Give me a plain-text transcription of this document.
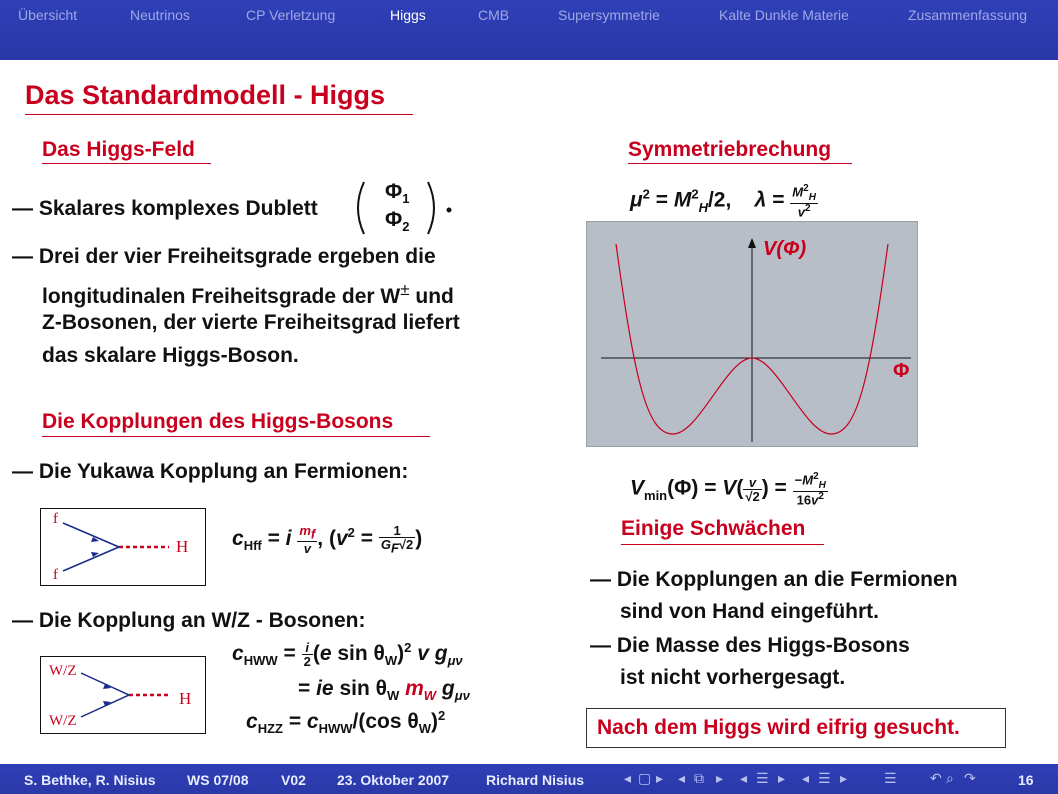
Übersicht	Neutrinos	CP Verletzung	Higgs	CMB	Supersymmetrie	Kalte Dunkle Materie	Zusammenfassung
Das Standardmodell - Higgs
Das Higgs-Feld
— Skalares komplexes Dublett
$\Phi_1$
$\Phi_2$
— Drei der vier Freiheitsgrade ergeben die
longitudinalen Freiheitsgrade der W± und
Z-Bosonen, der vierte Freiheitsgrad liefert
das skalare Higgs-Boson.
Die Kopplungen des Higgs-Bosons
— Die Yukawa Kopplung an Fermionen:
f
f
H $c_{Hff} = i \frac{m_f}{v}$ , ($v^2 = \frac{1}{G_F√2}$ )
— Die Kopplung an W/Z - Bosonen:
W/Z
W/Z
H
$c_{HWW} = \frac{i}{2} (e$ $\sin \theta_W)^2$ v $g_{\mu\nu}$
= ie $\sin \theta_W$ $m_W$ $g_{\mu\nu}$
$c_{HZZ} = c_{HWW}/(\cos$ $\theta_W)^2$
Symmetriebrechung
$\mu^2 = M^2_H/2$,    $\lambda = \frac{M^2_H}{v^2}$
V(Φ)
Φ
$V_{min}(\Phi) = V( \frac{v}{√2}$ ) = $\frac{-M^2_H}{16v^2}$
Einige Schwächen
— Die Kopplungen an die Fermionen
sind von Hand eingeführt.
— Die Masse des Higgs-Bosons
ist nicht vorhergesagt.
Nach dem Higgs wird eifrig gesucht.
S. Bethke, R. Nisius WS 07/08 V02 23. Oktober 2007	Richard Nisius	◂ ▢ ▸ ◂ ⧉ ▸ ◂ ☰ ▸ ◂ ☰ ▸	☰ ↶ ⌕ ↷	16
